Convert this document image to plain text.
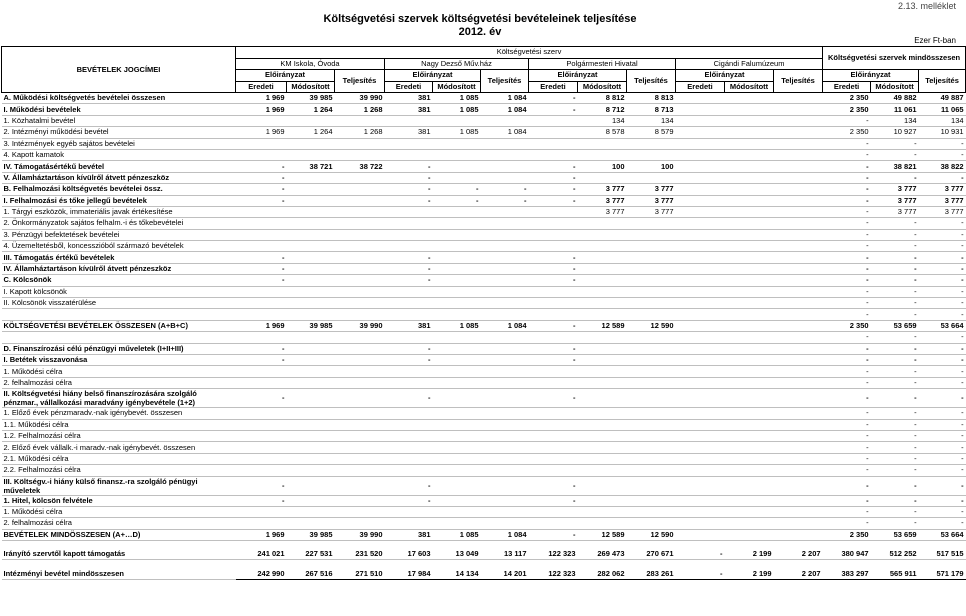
2.13. melléklet
Költségvetési szervek költségvetési bevételeinek teljesítése
2012. év
Ezer Ft-ban
BEVÉTELEK JOGCÍMEI	Költségvetési szerv												Költségvetési szervek mindösszesen		
	KM Iskola, Óvoda			Nagy Dezső Műv.ház			Polgármesteri Hivatal			Cigándi Falumúzeum					
	Előirányzat		Teljesítés	Előirányzat		Teljesítés	Előirányzat		Teljesítés	Előirányzat		Teljesítés	Előirányzat		Teljesítés
	Eredeti	Módosított		Eredeti	Módosított		Eredeti	Módosított		Eredeti	Módosított		Eredeti	Módosított	
A. Működési költségvetés bevételei összesen	1 969	39 985	39 990	381	1 085	1 084	-	8 812	8 813				2 350	49 882	49 887
I. Működési bevételek	1 969	1 264	1 268	381	1 085	1 084	-	8 712	8 713				2 350	11 061	11 065
1. Közhatalmi bevétel								134	134				-	134	134
2. Intézményi működési bevétel	1 969	1 264	1 268	381	1 085	1 084		8 578	8 579				2 350	10 927	10 931
3. Intézmények egyéb sajátos bevételei													-	-	-
4. Kapott kamatok													-	-	-
IV. Támogatásértékű bevétel	-	38 721	38 722	-			-	100	100				-	38 821	38 822
V. Államháztartáson kívülről átvett pénzeszköz	-			-			-						-	-	-
B. Felhalmozási költségvetés bevételei össz.	-			-	-	-	-	3 777	3 777				-	3 777	3 777
I. Felhalmozási és tőke jellegű bevételek	-			-	-	-	-	3 777	3 777				-	3 777	3 777
1. Tárgyi eszközök, immateriális javak értékesítése								3 777	3 777				-	3 777	3 777
2. Önkormányzatok sajátos felhalm.-i és tőkebevételei													-	-	-
3. Pénzügyi befektetések bevételei													-	-	-
4. Üzemeltetésből, koncesszióból származó bevételek													-	-	-
III. Támogatás értékű bevételek	-			-			-						-	-	-
IV. Államháztartáson kívülről átvett pénzeszköz	-			-			-						-	-	-
C. Kölcsönök	-			-			-						-	-	-
I. Kapott kölcsönök													-	-	-
II. Kölcsönök visszatérülése													-	-	-
													-	-	-
KÖLTSÉGVETÉSI BEVÉTELEK ÖSSZESEN (A+B+C)	1 969	39 985	39 990	381	1 085	1 084	-	12 589	12 590				2 350	53 659	53 664
													-	-	-
D. Finanszírozási célú pénzügyi műveletek (I+II+III)	-			-			-						-	-	-
I. Betétek visszavonása	-			-			-						-	-	-
1. Működési célra													-	-	-
2. felhalmozási célra													-	-	-
II. Költségvetési hiány belső finanszírozására szolgáló pénzmar., vállalkozási maradvány igénybevétele (1+2)	-			-			-						-	-	-
1. Előző évek pénzmaradv.-nak igénybevét. összesen													-	-	-
1.1. Működési célra													-	-	-
1.2. Felhalmozási célra													-	-	-
2. Előző évek vállalk.-i maradv.-nak igénybevét. összesen													-	-	-
2.1. Működési célra													-	-	-
2.2. Felhalmozási célra													-	-	-
III. Költségv.-i hiány külső finansz.-ra szolgáló pénügyi műveletek	-			-			-						-	-	-
1. Hitel, kölcsön felvétele	-			-			-						-	-	-
1. Működési célra													-	-	-
2. felhalmozási célra													-	-	-
BEVÉTELEK MINDÖSSZESEN (A+…D)	1 969	39 985	39 990	381	1 085	1 084	-	12 589	12 590				2 350	53 659	53 664

Irányító szervtől kapott támogatás	241 021	227 531	231 520	17 603	13 049	13 117	122 323	269 473	270 671	-	2 199	2 207	380 947	512 252	517 515

Intézményi bevétel mindösszesen	242 990	267 516	271 510	17 984	14 134	14 201	122 323	282 062	283 261	-	2 199	2 207	383 297	565 911	571 179
